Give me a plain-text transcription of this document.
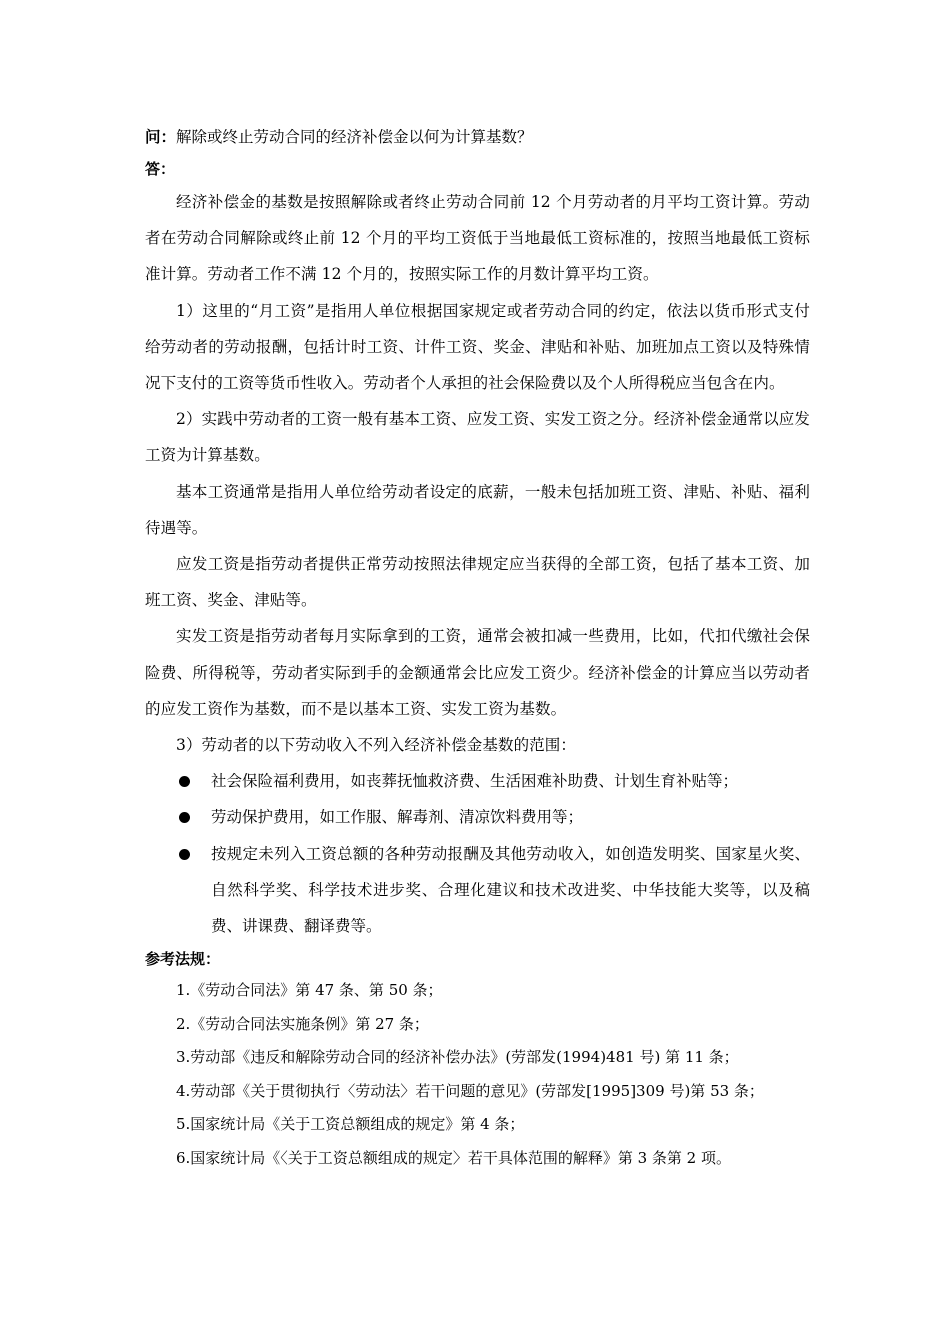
问：解除或终止劳动合同的经济补偿金以何为计算基数？

答：

经济补偿金的基数是按照解除或者终止劳动合同前 12 个月劳动者的月平均工资计算。劳动者在劳动合同解除或终止前 12 个月的平均工资低于当地最低工资标准的，按照当地最低工资标准计算。劳动者工作不满 12 个月的，按照实际工作的月数计算平均工资。

1）这里的“月工资”是指用人单位根据国家规定或者劳动合同的约定，依法以货币形式支付给劳动者的劳动报酬，包括计时工资、计件工资、奖金、津贴和补贴、加班加点工资以及特殊情况下支付的工资等货币性收入。劳动者个人承担的社会保险费以及个人所得税应当包含在内。

2）实践中劳动者的工资一般有基本工资、应发工资、实发工资之分。经济补偿金通常以应发工资为计算基数。

基本工资通常是指用人单位给劳动者设定的底薪，一般未包括加班工资、津贴、补贴、福利待遇等。

应发工资是指劳动者提供正常劳动按照法律规定应当获得的全部工资，包括了基本工资、加班工资、奖金、津贴等。

实发工资是指劳动者每月实际拿到的工资，通常会被扣减一些费用，比如，代扣代缴社会保险费、所得税等，劳动者实际到手的金额通常会比应发工资少。经济补偿金的计算应当以劳动者的应发工资作为基数，而不是以基本工资、实发工资为基数。

3）劳动者的以下劳动收入不列入经济补偿金基数的范围：

社会保险福利费用，如丧葬抚恤救济费、生活困难补助费、计划生育补贴等；
劳动保护费用，如工作服、解毒剂、清凉饮料费用等；
按规定未列入工资总额的各种劳动报酬及其他劳动收入，如创造发明奖、国家星火奖、自然科学奖、科学技术进步奖、合理化建议和技术改进奖、中华技能大奖等，以及稿费、讲课费、翻译费等。

参考法规：

1.《劳动合同法》第 47 条、第 50 条；
2.《劳动合同法实施条例》第 27 条；
3.劳动部《违反和解除劳动合同的经济补偿办法》(劳部发(1994)481 号) 第 11 条；
4.劳动部《关于贯彻执行〈劳动法〉若干问题的意见》(劳部发[1995]309 号)第 53 条；
5.国家统计局《关于工资总额组成的规定》第 4 条；
6.国家统计局《〈关于工资总额组成的规定〉若干具体范围的解释》第 3 条第 2 项。
